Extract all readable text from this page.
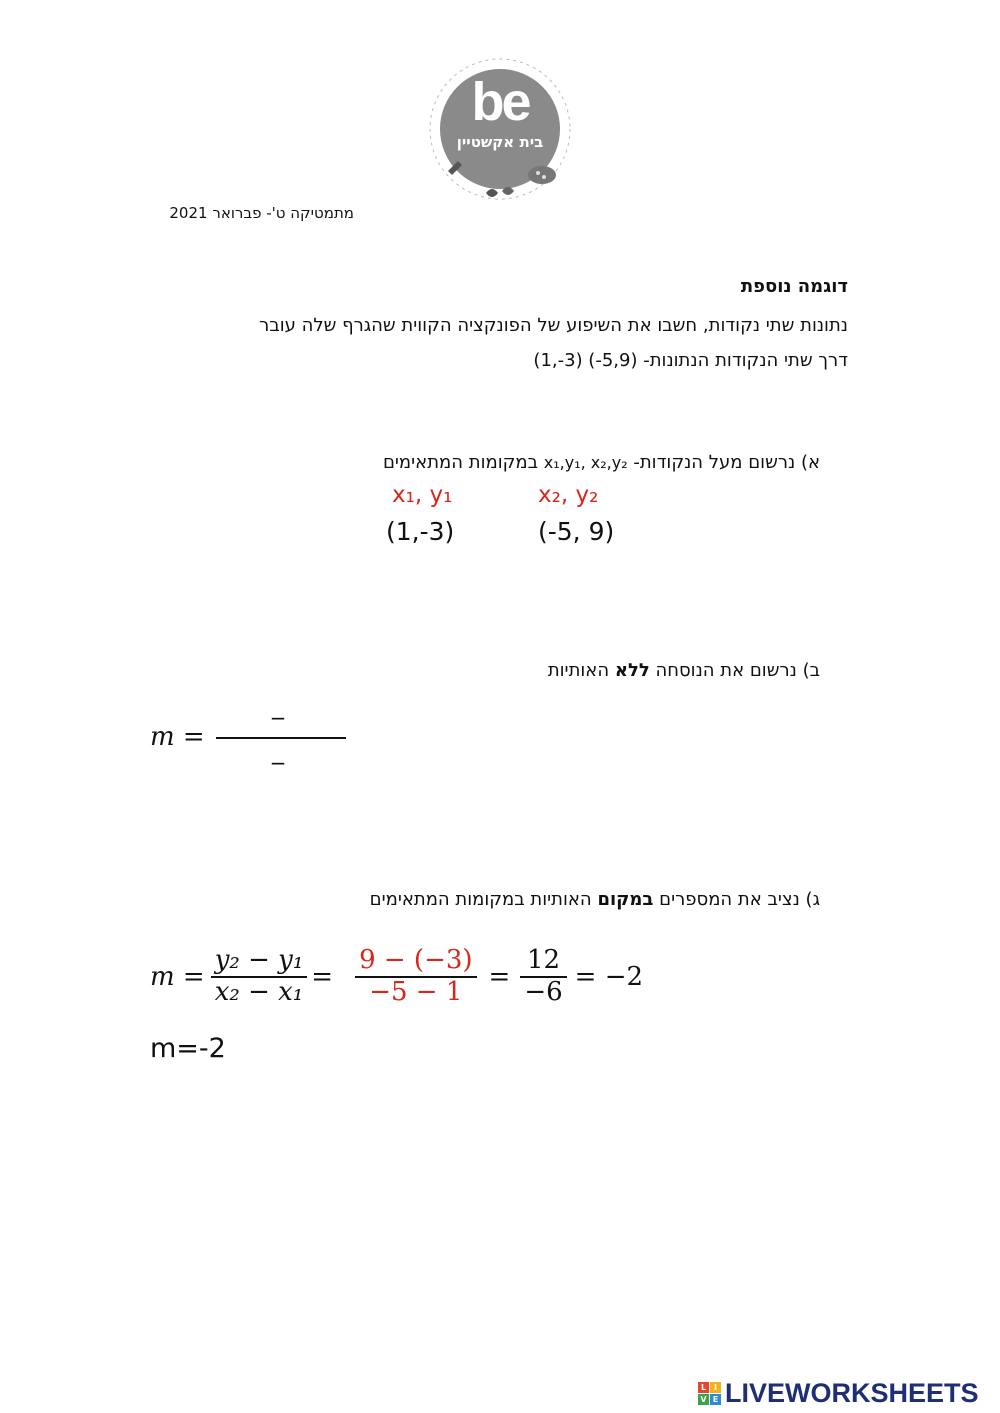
be
בית אקשטיין
מתמטיקה ט'- פברואר 2021
דוגמה נוספת
נתונות שתי נקודות, חשבו את השיפוע של הפונקציה הקווית שהגרף שלה עובר
דרך שתי הנקודות הנתונות- (1,-3) (-5,9)
א) נרשום מעל הנקודות- x₁,y₁, x₂,y₂ במקומות המתאימים
x₁, y₁	x₂, y₂
(1,-3)	(-5, 9)
ב) נרשום את הנוסחה ללא האותיות
m =
_
_
ג) נציב את המספרים במקום האותיות במקומות המתאימים
$m = \frac{\text{y₂ − y₁}}{\text{x₂ − x₁}} = \frac{9 - (-3)}{-5 - 1} = \frac{12}{-6} = -2$
m=-2
L I
V E LIVEWORKSHEETS
